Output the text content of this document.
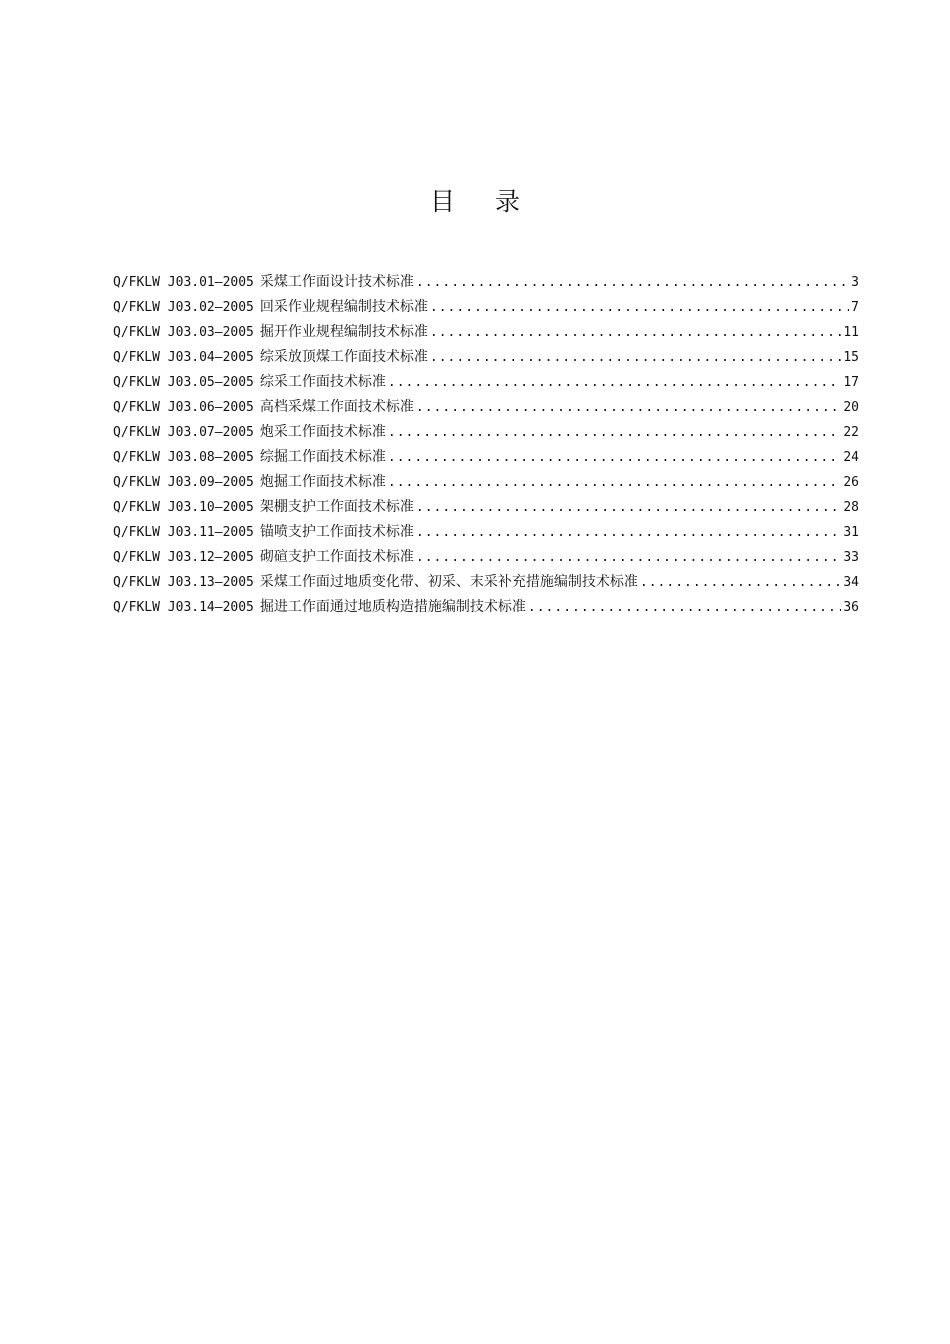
目 录
Q/FKLW J03.01—2005 采煤工作面设计技术标准 .....	3
Q/FKLW J03.02—2005 回采作业规程编制技术标准 .....	7
Q/FKLW J03.03—2005 掘开作业规程编制技术标准 .....	11
Q/FKLW J03.04—2005 综采放顶煤工作面技术标准 .....	15
Q/FKLW J03.05—2005 综采工作面技术标准 .....	17
Q/FKLW J03.06—2005 高档采煤工作面技术标准 .....	20
Q/FKLW J03.07—2005 炮采工作面技术标准 .....	22
Q/FKLW J03.08—2005 综掘工作面技术标准 .....	24
Q/FKLW J03.09—2005 炮掘工作面技术标准 .....	26
Q/FKLW J03.10—2005 架棚支护工作面技术标准 .....	28
Q/FKLW J03.11—2005 锚喷支护工作面技术标准 .....	31
Q/FKLW J03.12—2005 砌碹支护工作面技术标准 .....	33
Q/FKLW J03.13—2005 采煤工作面过地质变化带、初采、末采补充措施编制技术标准 .....	34
Q/FKLW J03.14—2005 掘进工作面通过地质构造措施编制技术标准 .....	36
